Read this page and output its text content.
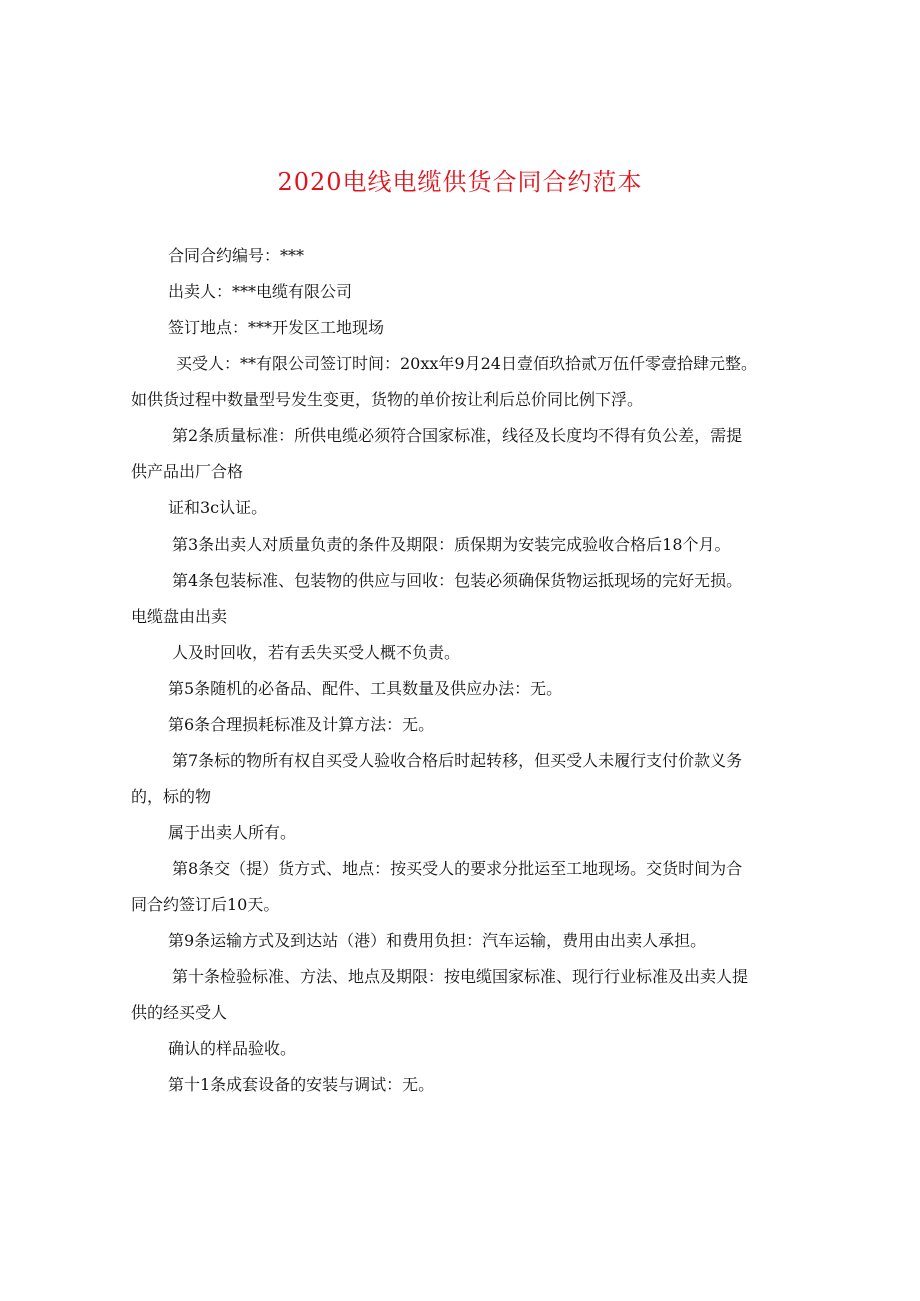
2020电线电缆供货合同合约范本

合同合约编号：***

出卖人：***电缆有限公司

签订地点：***开发区工地现场

买受人：**有限公司签订时间：20xx年9月24日壹佰玖拾贰万伍仟零壹拾肆元整。

如供货过程中数量型号发生变更，货物的单价按让利后总价同比例下浮。

第2条质量标准：所供电缆必须符合国家标准，线径及长度均不得有负公差，需提

供产品出厂合格

证和3c认证。

第3条出卖人对质量负责的条件及期限：质保期为安装完成验收合格后18个月。

第4条包装标准、包装物的供应与回收：包装必须确保货物运抵现场的完好无损。

电缆盘由出卖

人及时回收，若有丢失买受人概不负责。

第5条随机的必备品、配件、工具数量及供应办法：无。

第6条合理损耗标准及计算方法：无。

第7条标的物所有权自买受人验收合格后时起转移，但买受人未履行支付价款义务

的，标的物

属于出卖人所有。

第8条交（提）货方式、地点：按买受人的要求分批运至工地现场。交货时间为合

同合约签订后10天。

第9条运输方式及到达站（港）和费用负担：汽车运输，费用由出卖人承担。

第十条检验标准、方法、地点及期限：按电缆国家标准、现行行业标准及出卖人提

供的经买受人

确认的样品验收。

第十1条成套设备的安装与调试：无。
